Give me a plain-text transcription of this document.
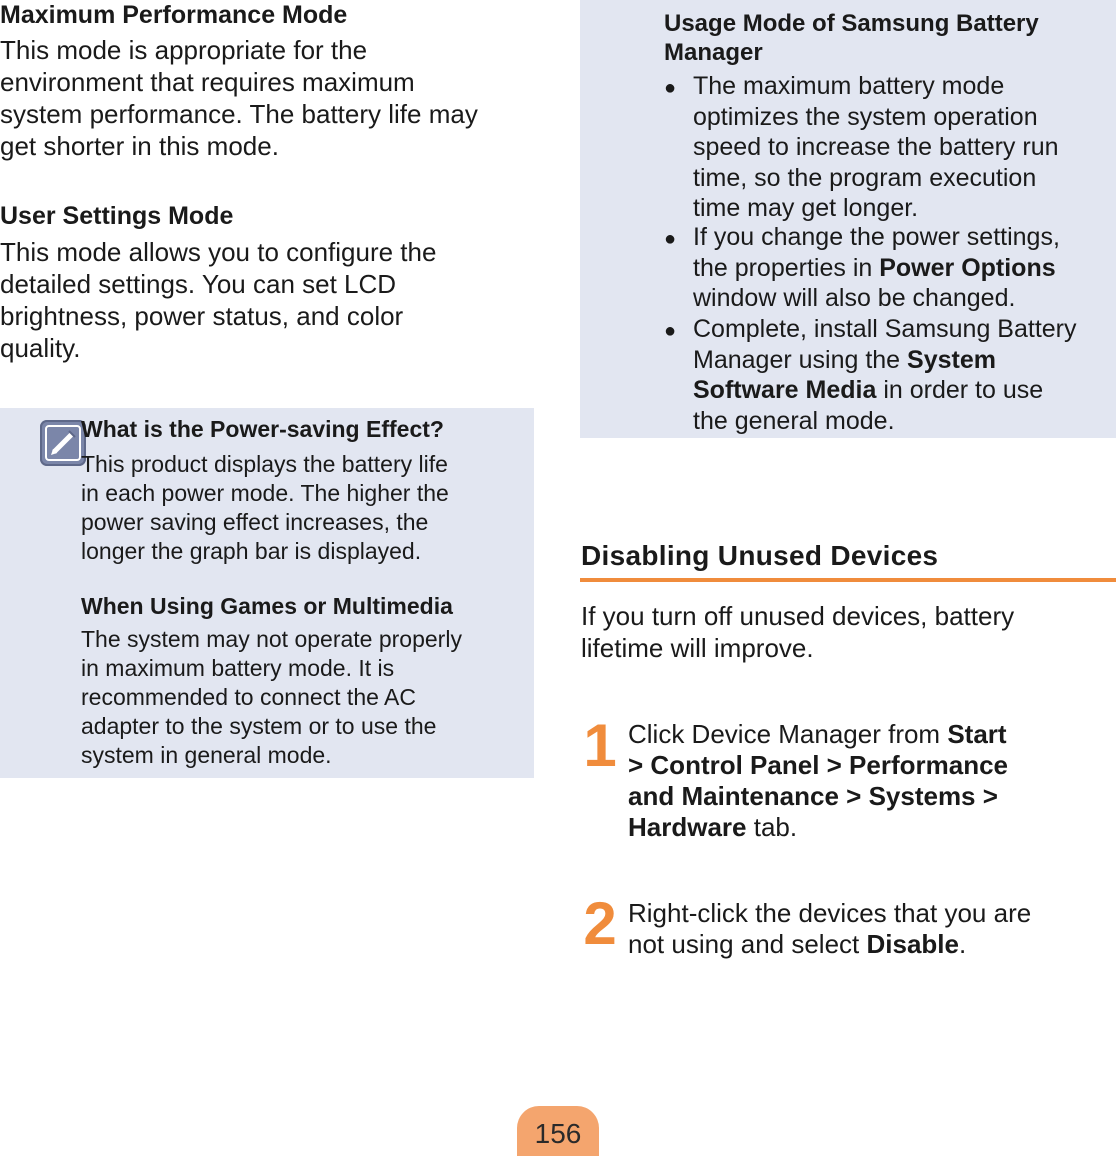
Maximum Performance Mode
This mode is appropriate for the
environment that requires maximum
system performance. The battery life may
get shorter in this mode.
User Settings Mode
This mode allows you to configure the
detailed settings. You can set LCD
brightness, power status, and color
quality.
What is the Power-saving Effect?
This product displays the battery life
in each power mode. The higher the
power saving effect increases, the
longer the graph bar is displayed.
When Using Games or Multimedia
The system may not operate properly
in maximum battery mode. It is
recommended to connect the AC
adapter to the system or to use the
system in general mode.
Usage Mode of Samsung Battery
Manager
● The maximum battery mode
optimizes the system operation
speed to increase the battery run
time, so the program execution
time may get longer.
● If you change the power settings,
the properties in Power Options
window will also be changed.
● Complete, install Samsung Battery
Manager using the System
Software Media in order to use
the general mode.
Disabling Unused Devices
If you turn off unused devices, battery
lifetime will improve.
1 Click Device Manager from Start
> Control Panel > Performance
and Maintenance > Systems >
Hardware tab.
2 Right-click the devices that you are
not using and select Disable.
156
